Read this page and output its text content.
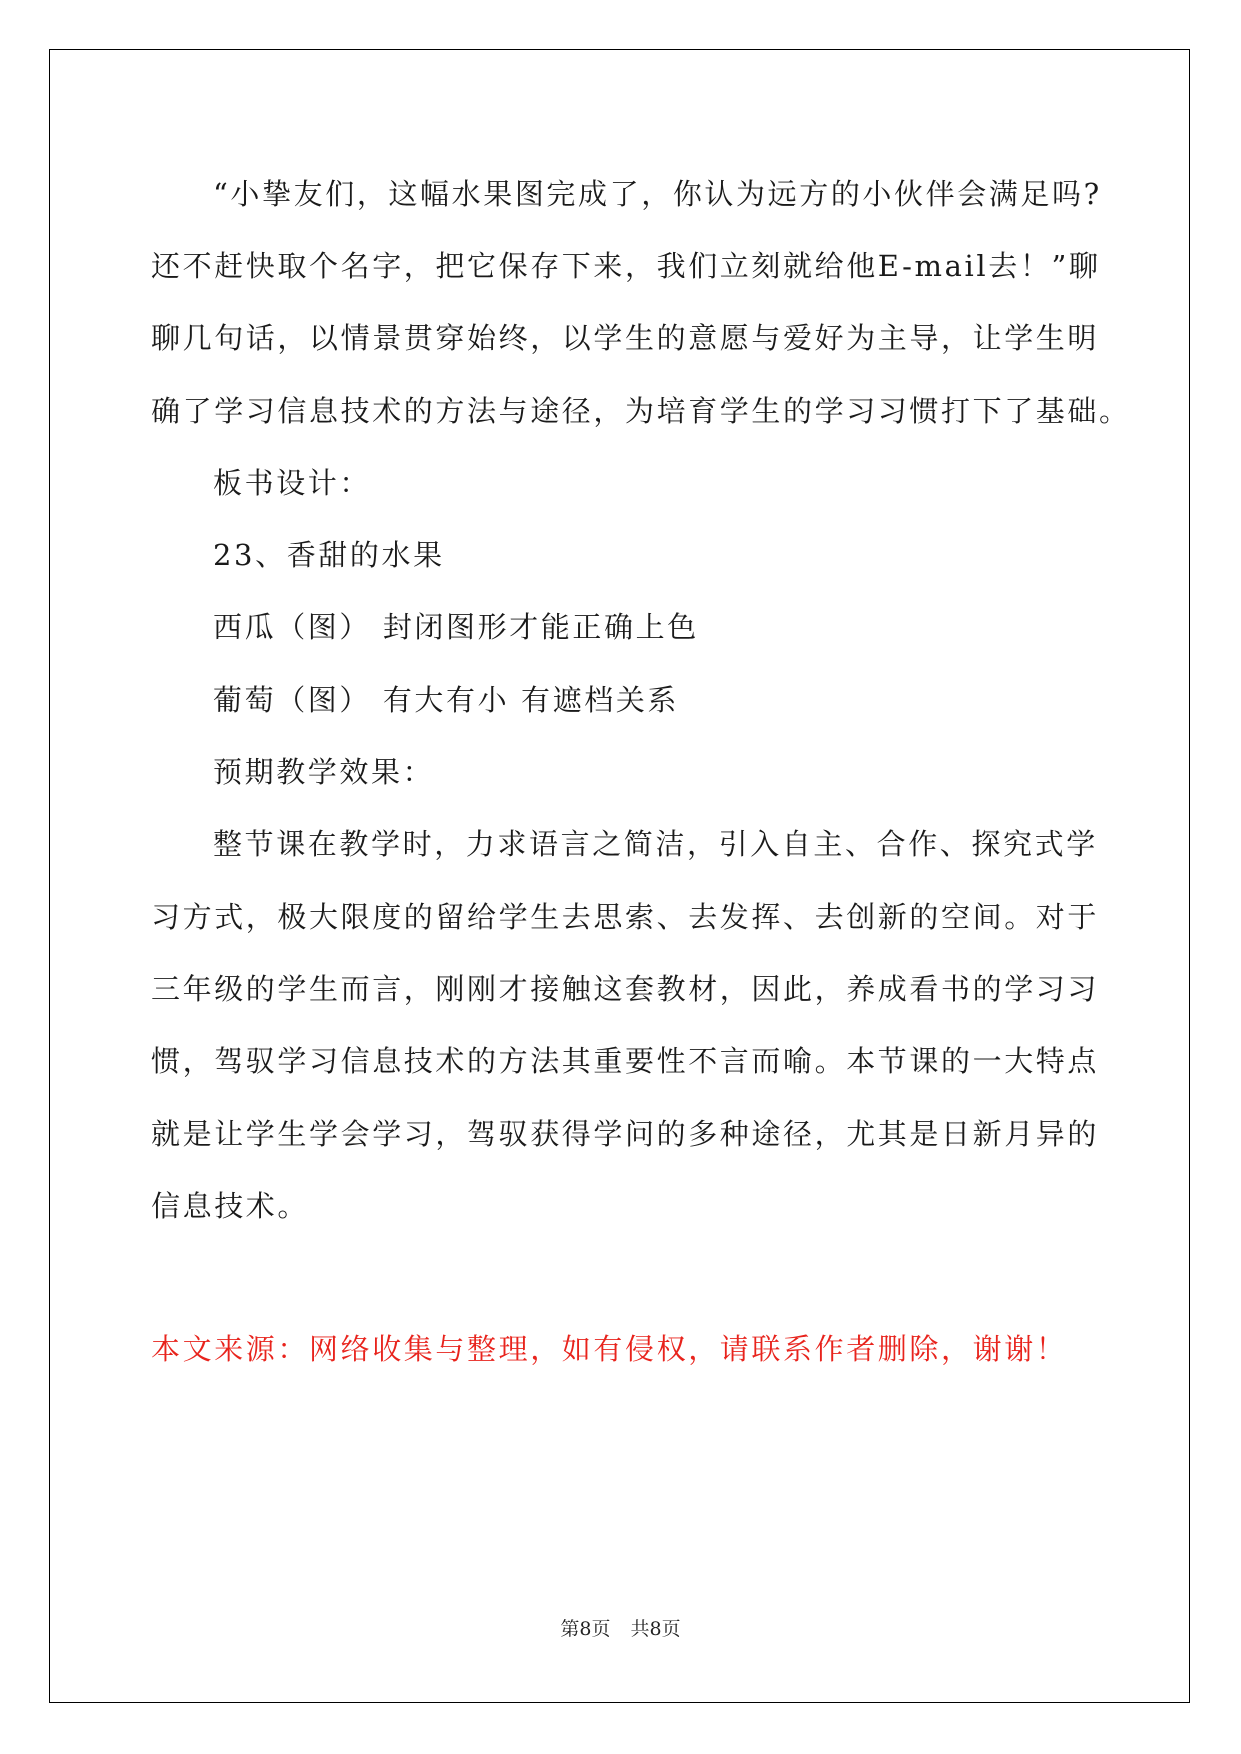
“小挚友们，这幅水果图完成了，你认为远方的小伙伴会满足吗?

还不赶快取个名字，把它保存下来，我们立刻就给他E-mail去！”聊

聊几句话，以情景贯穿始终，以学生的意愿与爱好为主导，让学生明

确了学习信息技术的方法与途径，为培育学生的学习习惯打下了基础。

板书设计：

23、香甜的水果

西瓜（图） 封闭图形才能正确上色

葡萄（图） 有大有小 有遮档关系

预期教学效果：

整节课在教学时，力求语言之简洁，引入自主、合作、探究式学

习方式，极大限度的留给学生去思索、去发挥、去创新的空间。对于

三年级的学生而言，刚刚才接触这套教材，因此，养成看书的学习习

惯，驾驭学习信息技术的方法其重要性不言而喻。本节课的一大特点

就是让学生学会学习，驾驭获得学问的多种途径，尤其是日新月异的

信息技术。

本文来源：网络收集与整理，如有侵权，请联系作者删除，谢谢！

第8页 共8页
